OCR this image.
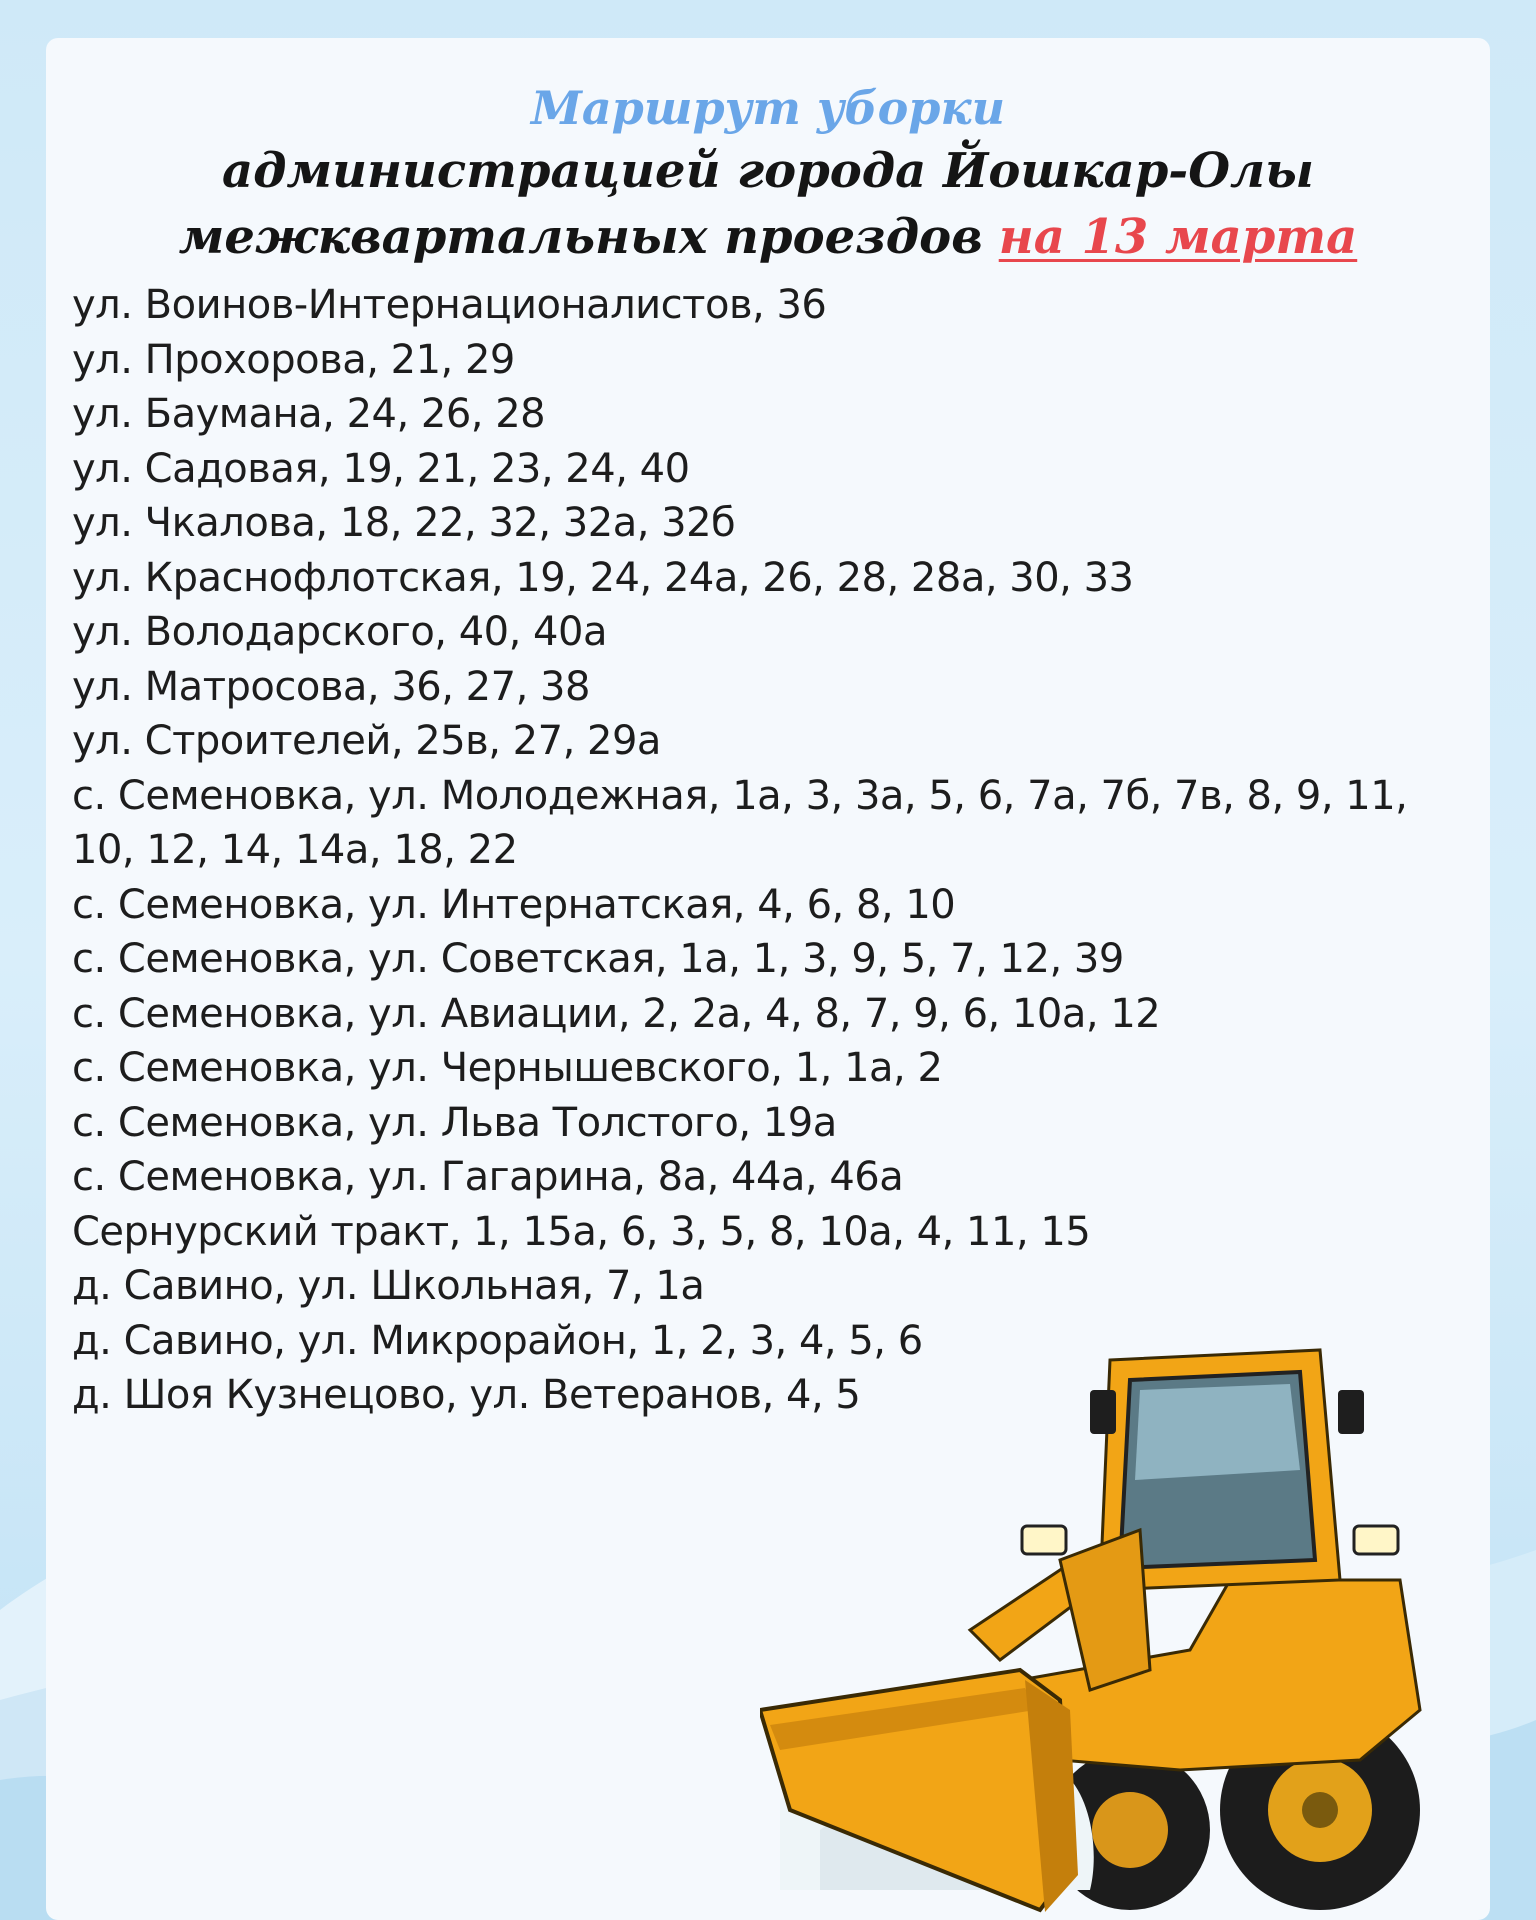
Маршрут уборки
администрацией города Йошкар-Олы
межквартальных проездов на 13 марта
ул. Воинов-Интернационалистов, 36
ул. Прохорова, 21, 29
ул. Баумана, 24, 26, 28
ул. Садовая, 19, 21, 23, 24, 40
ул. Чкалова, 18, 22, 32, 32а, 32б
ул. Краснофлотская, 19, 24, 24а, 26, 28, 28а, 30, 33
ул. Володарского, 40, 40а
ул. Матросова, 36, 27, 38
ул. Строителей, 25в, 27, 29а
с. Семеновка, ул. Молодежная, 1а, 3, 3а, 5, 6, 7а, 7б, 7в, 8, 9, 11, 10, 12, 14, 14а, 18, 22
с. Семеновка, ул. Интернатская, 4, 6, 8, 10
с. Семеновка, ул. Советская, 1а, 1, 3, 9, 5, 7, 12, 39
с. Семеновка, ул. Авиации, 2, 2а, 4, 8, 7, 9, 6, 10а, 12
с. Семеновка, ул. Чернышевского, 1, 1а, 2
с. Семеновка, ул. Льва Толстого, 19а
с. Семеновка, ул. Гагарина, 8а, 44а, 46а
Сернурский тракт, 1, 15а, 6, 3, 5, 8, 10а, 4, 11, 15
д. Савино, ул. Школьная, 7, 1а
д. Савино, ул. Микрорайон, 1, 2, 3, 4, 5, 6
д. Шоя Кузнецово, ул. Ветеранов, 4, 5
